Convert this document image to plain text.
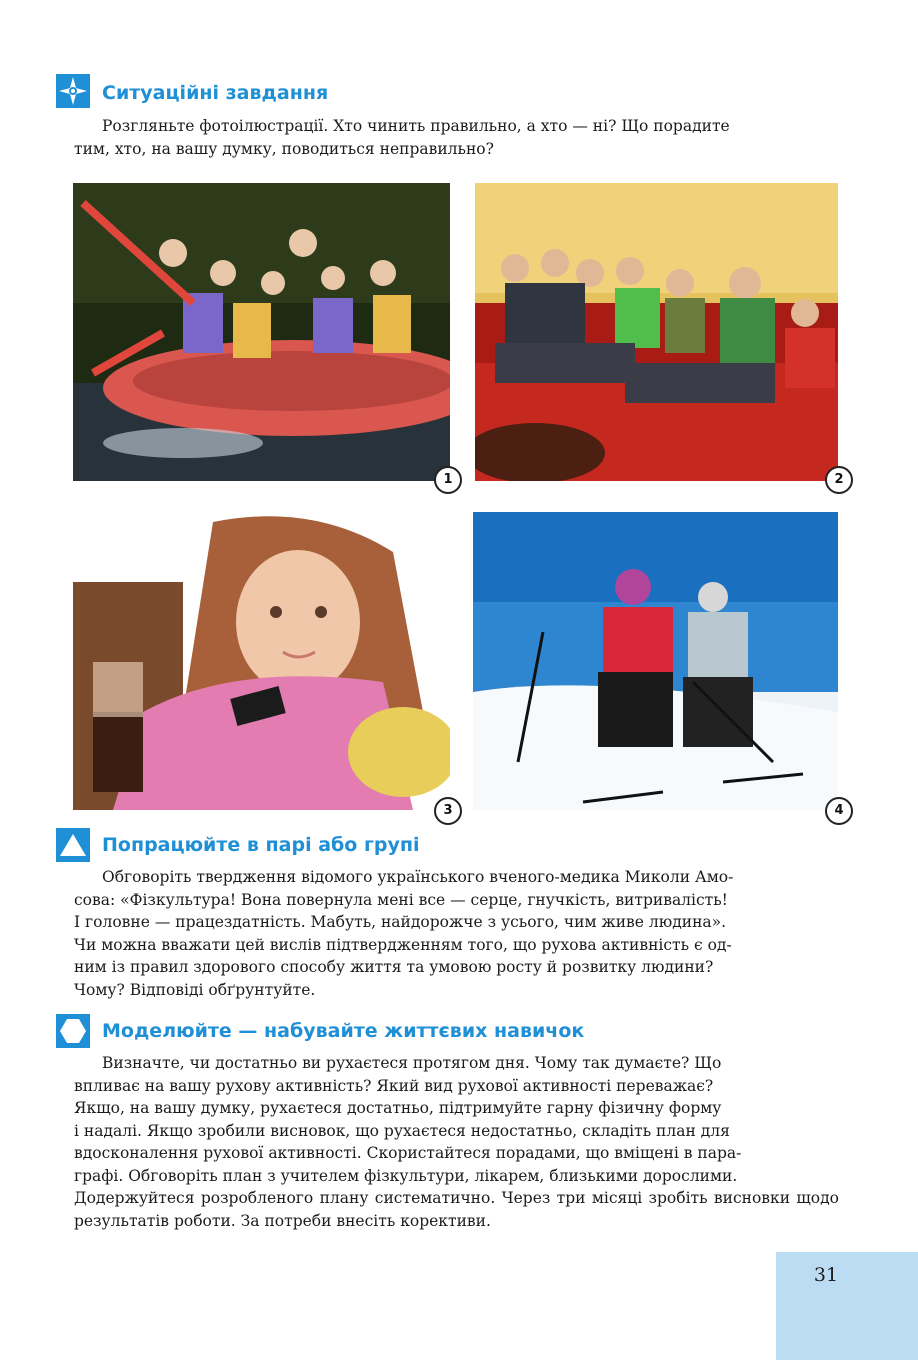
Ситуаційні завдання
Розгляньте фотоілюстрації. Хто чинить правильно, а хто — ні? Що порадите
тим, хто, на вашу думку, поводиться неправильно?
1	2
3	4
Попрацюйте в парі або групі
Обговоріть твердження відомого українського вченого-медика Миколи Амо-
сова: «Фізкультура! Вона повернула мені все — серце, гнучкість, витривалість!
І головне — працездатність. Мабуть, найдорожче з усього, чим живе людина».
Чи можна вважати цей вислів підтвердженням того, що рухова активність є од-
ним із правил здорового способу життя та умовою росту й розвитку людини?
Чому? Відповіді обґрунтуйте.
Моделюйте — набувайте життєвих навичок
Визначте, чи достатньо ви рухаєтеся протягом дня. Чому так думаєте? Що
впливає на вашу рухову активність? Який вид рухової активності переважає?
Якщо, на вашу думку, рухаєтеся достатньо, підтримуйте гарну фізичну форму
і надалі. Якщо зробили висновок, що рухаєтеся недостатньо, складіть план для
вдосконалення рухової активності. Скористайтеся порадами, що вміщені в пара-
графі. Обговоріть план з учителем фізкультури, лікарем, близькими дорослими.
Додержуйтеся розробленого плану систематично. Через три місяці зробіть висновки щодо результатів роботи. За потреби внесіть корективи.
31
